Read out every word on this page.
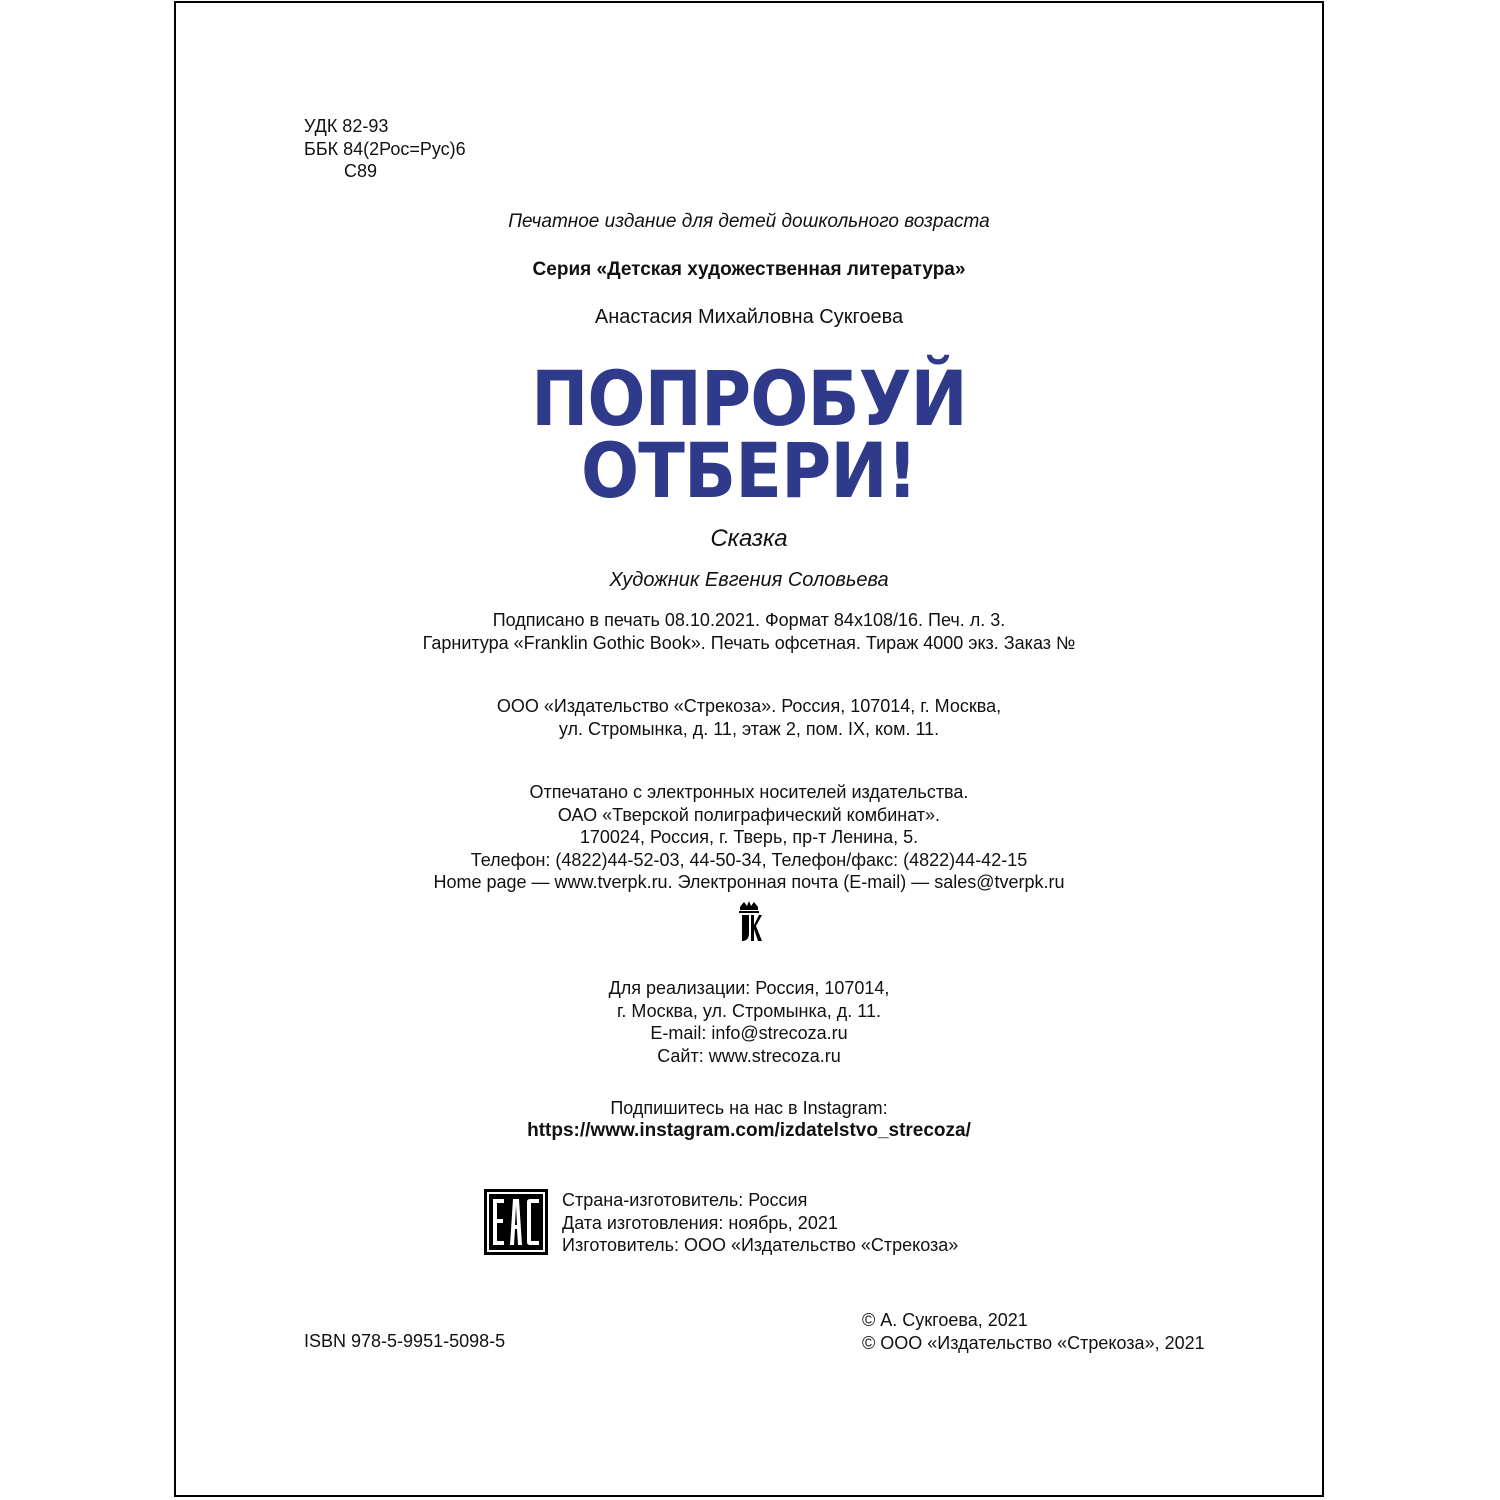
УДК 82-93
ББК 84(2Рос=Рус)6
С89
Печатное издание для детей дошкольного возраста
Серия «Детская художественная литература»
Анастасия Михайловна Сукгоева
ПОПРОБУЙ
ОТБЕРИ!
Сказка
Художник Евгения Соловьева
Подписано в печать 08.10.2021. Формат 84х108/16. Печ. л. 3.
Гарнитура «Franklin Gothic Book». Печать офсетная. Тираж 4000 экз. Заказ №
ООО «Издательство «Стрекоза». Россия, 107014, г. Москва,
ул. Стромынка, д. 11, этаж 2, пом. IX, ком. 11.
Отпечатано с электронных носителей издательства.
ОАО «Тверской полиграфический комбинат».
170024, Россия, г. Тверь, пр-т Ленина, 5.
Телефон: (4822)44-52-03, 44-50-34, Телефон/факс: (4822)44-42-15
Home page — www.tverpk.ru. Электронная почта (E-mail) — sales@tverpk.ru
Для реализации: Россия, 107014,
г. Москва, ул. Стромынка, д. 11.
E-mail: info@strecoza.ru
Сайт: www.strecoza.ru
Подпишитесь на нас в Instagram:
https://www.instagram.com/izdatelstvo_strecoza/
Страна-изготовитель: Россия
Дата изготовления: ноябрь, 2021
Изготовитель: ООО «Издательство «Стрекоза»
ISBN 978-5-9951-5098-5
© А. Сукгоева, 2021
© ООО «Издательство «Стрекоза», 2021
